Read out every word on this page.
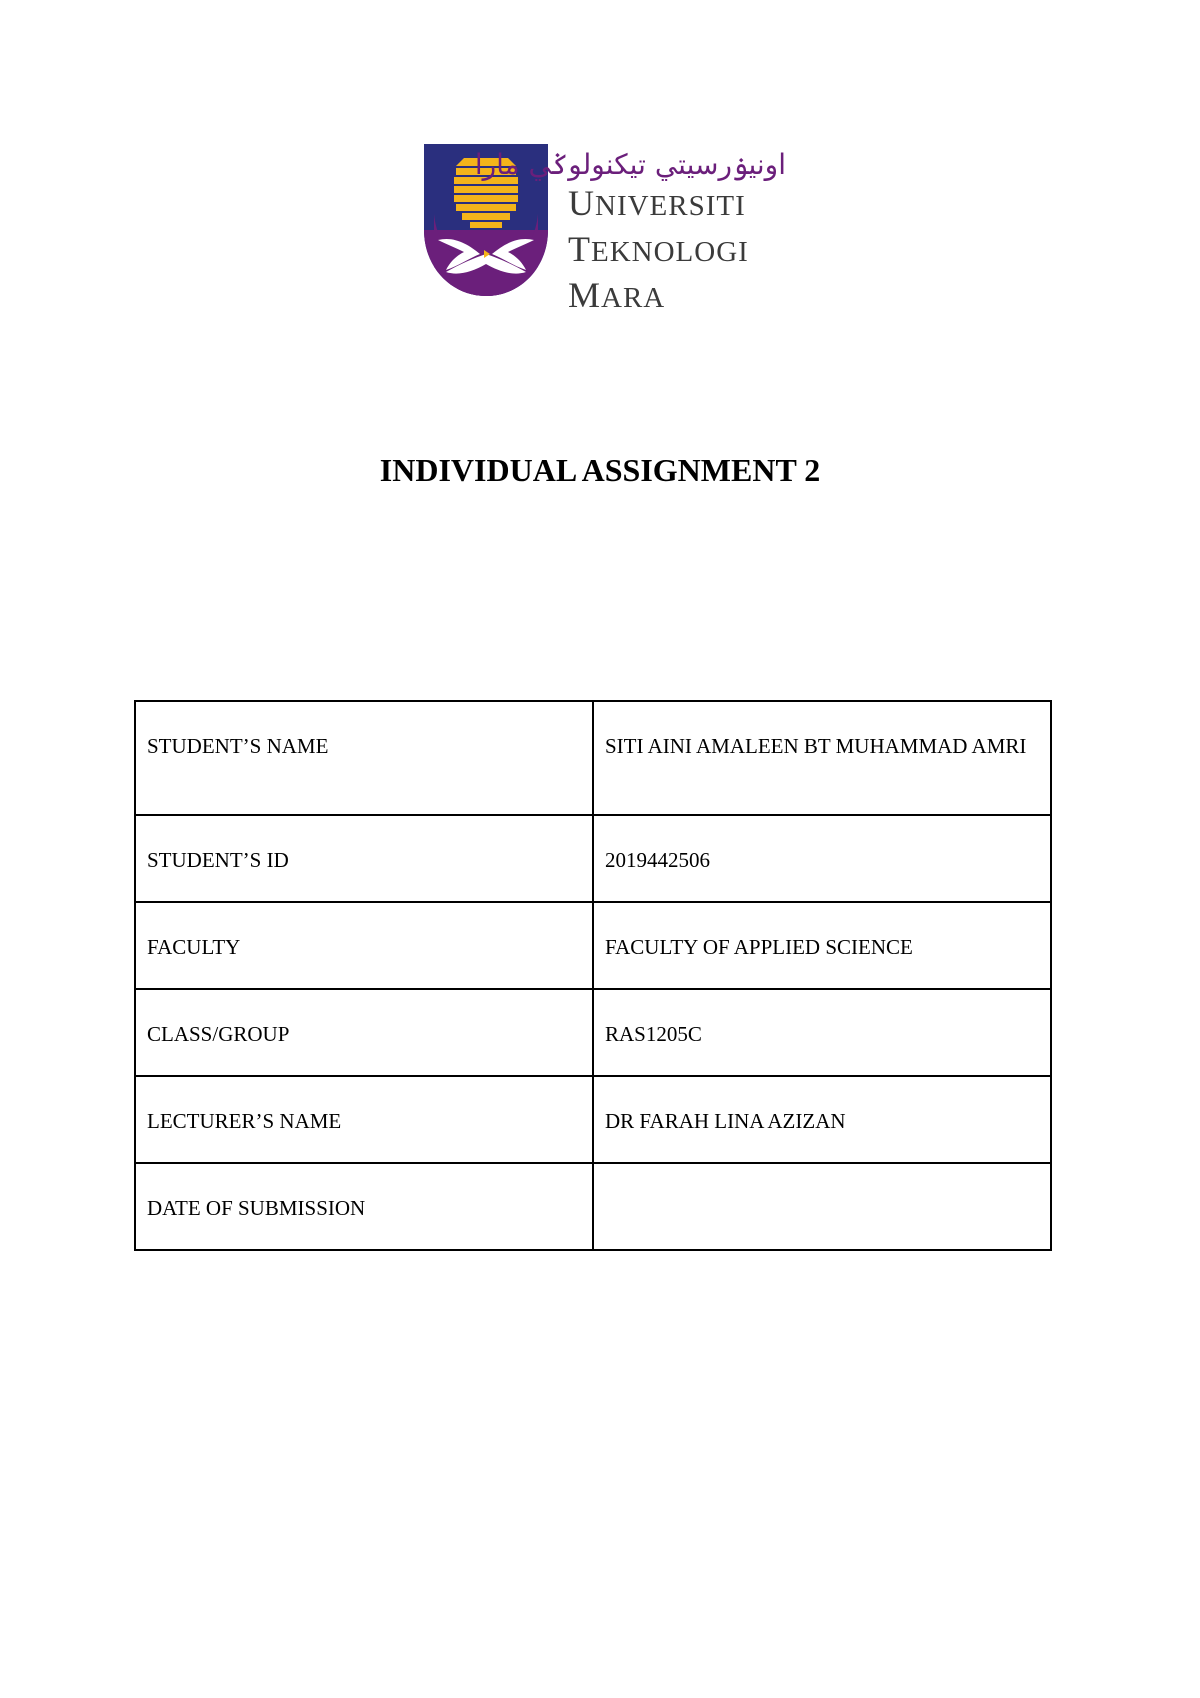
اونيۏرسيتي تيکنولوݢي مارا
UNIVERSITI
TEKNOLOGI
MARA
INDIVIDUAL ASSIGNMENT 2
STUDENT’S NAME	SITI AINI AMALEEN BT MUHAMMAD AMRI
STUDENT’S ID	2019442506
FACULTY	FACULTY OF APPLIED SCIENCE
CLASS/GROUP	RAS1205C
LECTURER’S NAME	DR FARAH LINA AZIZAN
DATE OF SUBMISSION	
